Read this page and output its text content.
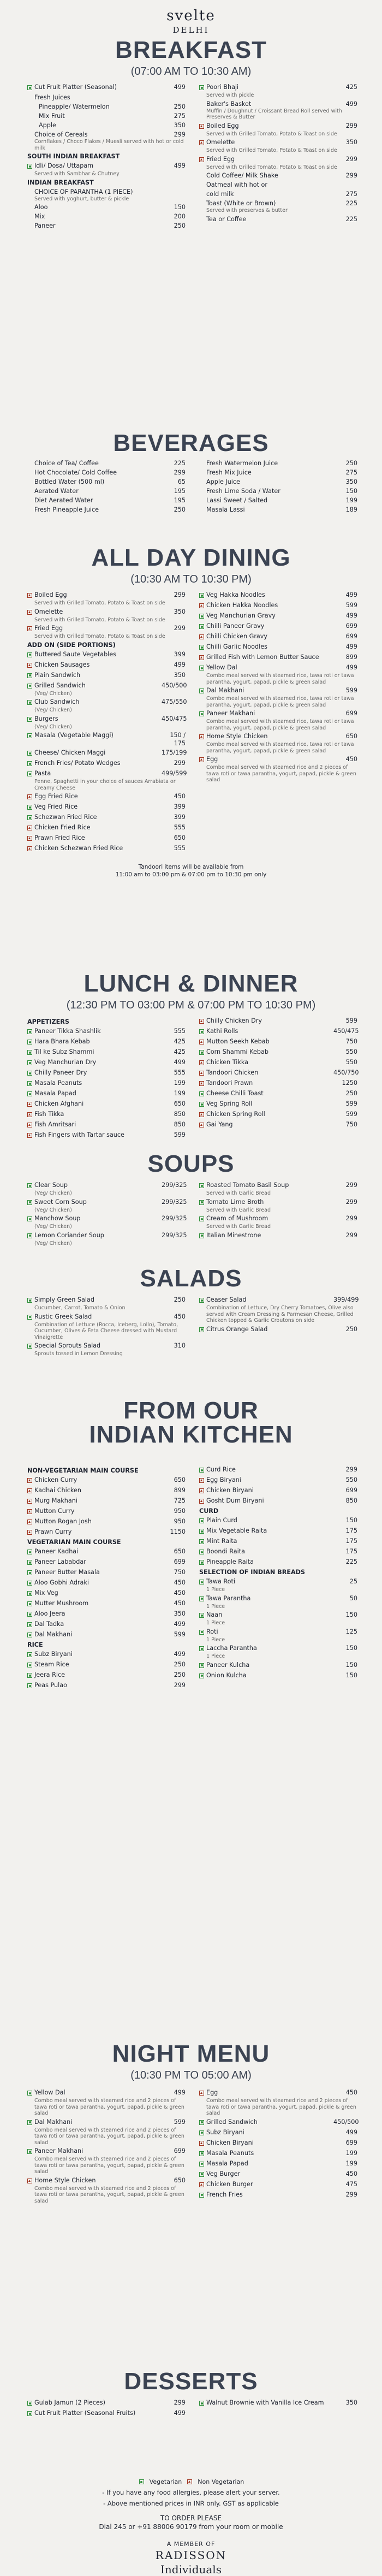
svelte
DELHI
BREAKFAST
(07:00 AM TO 10:30 AM)
Cut Fruit Platter (Seasonal)	499
Fresh Juices
Pineapple/ Watermelon	250
Mix Fruit	275
Apple	350
Choice of Cereals	299
Cornflakes / Choco Flakes / Muesli served with hot or cold milk
SOUTH INDIAN BREAKFAST
Idli/ Dosa/ Uttapam	499
Served with Sambhar & Chutney
INDIAN BREAKFAST
CHOICE OF PARANTHA (1 PIECE)
Served with yoghurt, butter & pickle
Aloo	150
Mix	200
Paneer	250
Poori Bhaji	425
Served with pickle
Baker's Basket	499
Muffin / Doughnut / Croissant Bread Roll served with Preserves & Butter
Boiled Egg	299
Served with Grilled Tomato, Potato & Toast on side
Omelette	350
Served with Grilled Tomato, Potato & Toast on side
Fried Egg	299
Served with Grilled Tomato, Potato & Toast on side
Cold Coffee/ Milk Shake	299
Oatmeal with hot or
cold milk	275
Toast (White or Brown)	225
Served with preserves & butter
Tea or Coffee	225
BEVERAGES
Choice of Tea/ Coffee	225
Hot Chocolate/ Cold Coffee	299
Bottled Water (500 ml)	65
Aerated Water	195
Diet Aerated Water	195
Fresh Pineapple Juice	250
Fresh Watermelon Juice	250
Fresh Mix Juice	275
Apple Juice	350
Fresh Lime Soda / Water	150
Lassi Sweet / Salted	199
Masala Lassi	189
ALL DAY DINING
(10:30 AM TO 10:30 PM)
Boiled Egg	299
Served with Grilled Tomato, Potato & Toast on side
Omelette	350
Served with Grilled Tomato, Potato & Toast on side
Fried Egg	299
Served with Grilled Tomato, Potato & Toast on side
ADD ON (SIDE PORTIONS)
Buttered Saute Vegetables	399
Chicken Sausages	499
Plain Sandwich	350
Grilled Sandwich	450/500
(Veg/ Chicken)
Club Sandwich	475/550
(Veg/ Chicken)
Burgers	450/475
(Veg/ Chicken)
Masala (Vegetable Maggi)	150 / 175
Cheese/ Chicken Maggi	175/199
French Fries/ Potato Wedges	299
Pasta	499/599
Penne, Spaghetti in your choice of sauces Arrabiata or Creamy Cheese
Egg Fried Rice	450
Veg Fried Rice	399
Schezwan Fried Rice	399
Chicken Fried Rice	555
Prawn Fried Rice	650
Chicken Schezwan Fried Rice	555
Veg Hakka Noodles	499
Chicken Hakka Noodles	599
Veg Manchurian Gravy	499
Chilli Paneer Gravy	699
Chilli Chicken Gravy	699
Chilli Garlic Noodles	499
Grilled Fish with Lemon Butter Sauce	899
Yellow Dal	499
Combo meal served with steamed rice, tawa roti or tawa parantha, yogurt, papad, pickle & green salad
Dal Makhani	599
Combo meal served with steamed rice, tawa roti or tawa parantha, yogurt, papad, pickle & green salad
Paneer Makhani	699
Combo meal served with steamed rice, tawa roti or tawa parantha, yogurt, papad, pickle & green salad
Home Style Chicken	650
Combo meal served with steamed rice, tawa roti or tawa parantha, yogurt, papad, pickle & green salad
Egg	450
Combo meal served with steamed rice and 2 pieces of tawa roti or tawa parantha, yogurt, papad, pickle & green salad
Tandoori items will be available from
11:00 am to 03:00 pm & 07:00 pm to 10:30 pm only
LUNCH & DINNER
(12:30 PM TO 03:00 PM & 07:00 PM TO 10:30 PM)
APPETIZERS
Paneer Tikka Shashlik	555
Hara Bhara Kebab	425
Til ke Subz Shammi	425
Veg Manchurian Dry	499
Chilly Paneer Dry	555
Masala Peanuts	199
Masala Papad	199
Chicken Afghani	650
Fish Tikka	850
Fish Amritsari	850
Fish Fingers with Tartar sauce	599
Chilly Chicken Dry	599
Kathi Rolls	450/475
Mutton Seekh Kebab	750
Corn Shammi Kebab	550
Chicken Tikka	550
Tandoori Chicken	450/750
Tandoori Prawn	1250
Cheese Chilli Toast	250
Veg Spring Roll	599
Chicken Spring Roll	599
Gai Yang	750
SOUPS
Clear Soup	299/325
(Veg/ Chicken)
Sweet Corn Soup	299/325
(Veg/ Chicken)
Manchow Soup	299/325
(Veg/ Chicken)
Lemon Coriander Soup	299/325
(Veg/ Chicken)
Roasted Tomato Basil Soup	299
Served with Garlic Bread
Tomato Lime Broth	299
Served with Garlic Bread
Cream of Mushroom	299
Served with Garlic Bread
Italian Minestrone	299
SALADS
Simply Green Salad	250
Cucumber, Carrot, Tomato & Onion
Rustic Greek Salad	450
Combination of Lettuce (Rocca, Iceberg, Lollo), Tomato, Cucumber, Olives & Feta Cheese dressed with Mustard Vinaigrette
Special Sprouts Salad	310
Sprouts tossed in Lemon Dressing
Ceaser Salad	399/499
Combination of Lettuce, Dry Cherry Tomatoes, Olive also served with Cream Dressing & Parmesan Cheese, Grilled Chicken topped & Garlic Croutons on side
Citrus Orange Salad	250
FROM OUR
INDIAN KITCHEN
NON-VEGETARIAN MAIN COURSE
Chicken Curry	650
Kadhai Chicken	899
Murg Makhani	725
Mutton Curry	950
Mutton Rogan Josh	950
Prawn Curry	1150
VEGETARIAN MAIN COURSE
Paneer Kadhai	650
Paneer Lababdar	699
Paneer Butter Masala	750
Aloo Gobhi Adraki	450
Mix Veg	450
Mutter Mushroom	450
Aloo Jeera	350
Dal Tadka	499
Dal Makhani	599
RICE
Subz Biryani	499
Steam Rice	250
Jeera Rice	250
Peas Pulao	299
Curd Rice	299
Egg Biryani	550
Chicken Biryani	699
Gosht Dum Biryani	850
CURD
Plain Curd	150
Mix Vegetable Raita	175
Mint Raita	175
Boondi Raita	175
Pineapple Raita	225
SELECTION OF INDIAN BREADS
Tawa Roti	25
1 Piece
Tawa Parantha	50
1 Piece
Naan	150
1 Piece
Roti	125
1 Piece
Laccha Parantha	150
1 Piece
Paneer Kulcha	150
Onion Kulcha	150
NIGHT MENU
(10:30 PM TO 05:00 AM)
Yellow Dal	499
Combo meal served with steamed rice and 2 pieces of tawa roti or tawa parantha, yogurt, papad, pickle & green salad
Dal Makhani	599
Combo meal served with steamed rice and 2 pieces of tawa roti or tawa parantha, yogurt, papad, pickle & green salad
Paneer Makhani	699
Combo meal served with steamed rice and 2 pieces of tawa roti or tawa parantha, yogurt, papad, pickle & green salad
Home Style Chicken	650
Combo meal served with steamed rice and 2 pieces of tawa roti or tawa parantha, yogurt, papad, pickle & green salad
Egg	450
Combo meal served with steamed rice and 2 pieces of tawa roti or tawa parantha, yogurt, papad, pickle & green salad
Grilled Sandwich	450/500
Subz Biryani	499
Chicken Biryani	699
Masala Peanuts	199
Masala Papad	199
Veg Burger	450
Chicken Burger	475
French Fries	299
DESSERTS
Gulab Jamun (2 Pieces)	299
Cut Fruit Platter (Seasonal Fruits)	499
Walnut Brownie with Vanilla Ice Cream	350
Vegetarian	Non Vegetarian
- If you have any food allergies, please alert your server.
- Above mentioned prices in INR only. GST as applicable
TO ORDER PLEASE
Dial 245 or +91 88006 90179 from your room or mobile
A MEMBER OF
RADISSON
Individuals
